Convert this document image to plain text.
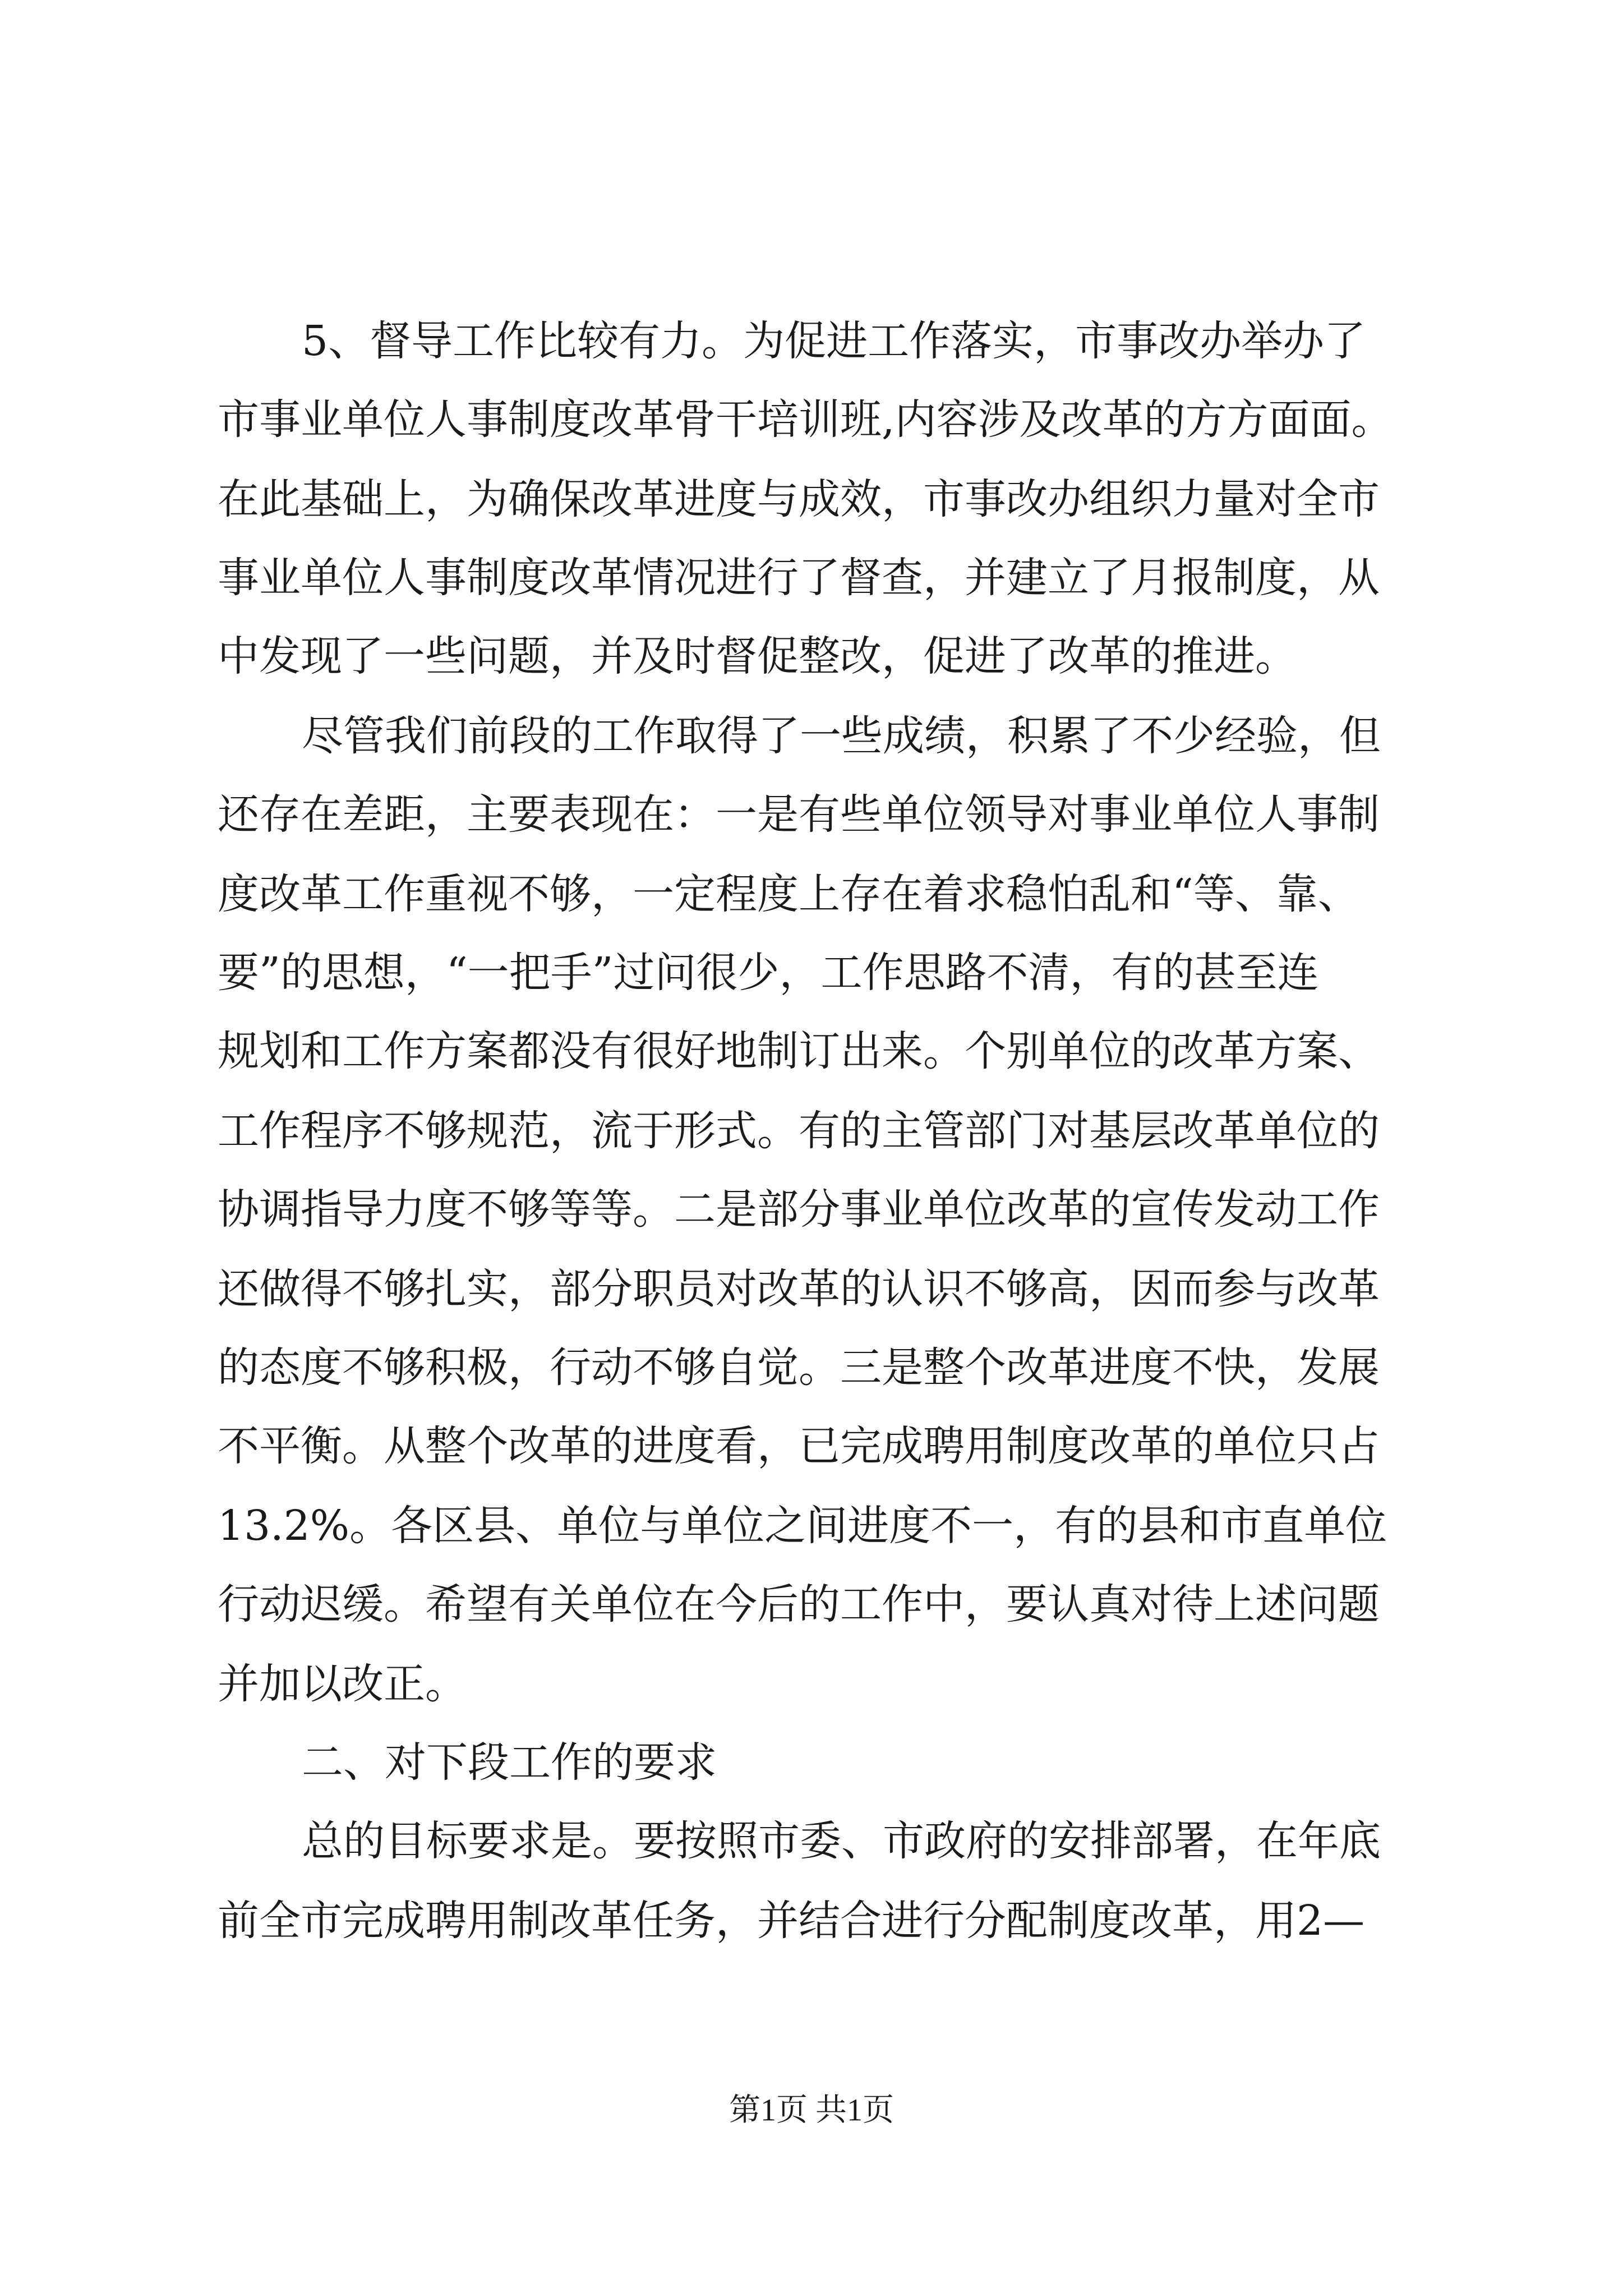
5、督导工作比较有力。为促进工作落实，市事改办举办了
市事业单位人事制度改革骨干培训班,内容涉及改革的方方面面。
在此基础上，为确保改革进度与成效，市事改办组织力量对全市
事业单位人事制度改革情况进行了督查，并建立了月报制度，从
中发现了一些问题，并及时督促整改，促进了改革的推进。
尽管我们前段的工作取得了一些成绩，积累了不少经验，但
还存在差距，主要表现在：一是有些单位领导对事业单位人事制
度改革工作重视不够，一定程度上存在着求稳怕乱和“等、靠、
要”的思想，“一把手”过问很少，工作思路不清，有的甚至连
规划和工作方案都没有很好地制订出来。个别单位的改革方案、
工作程序不够规范，流于形式。有的主管部门对基层改革单位的
协调指导力度不够等等。二是部分事业单位改革的宣传发动工作
还做得不够扎实，部分职员对改革的认识不够高，因而参与改革
的态度不够积极，行动不够自觉。三是整个改革进度不快，发展
不平衡。从整个改革的进度看，已完成聘用制度改革的单位只占
13.2%。各区县、单位与单位之间进度不一，有的县和市直单位
行动迟缓。希望有关单位在今后的工作中，要认真对待上述问题
并加以改正。
二、对下段工作的要求
总的目标要求是。要按照市委、市政府的安排部署，在年底
前全市完成聘用制改革任务，并结合进行分配制度改革，用2—
第1页 共1页
